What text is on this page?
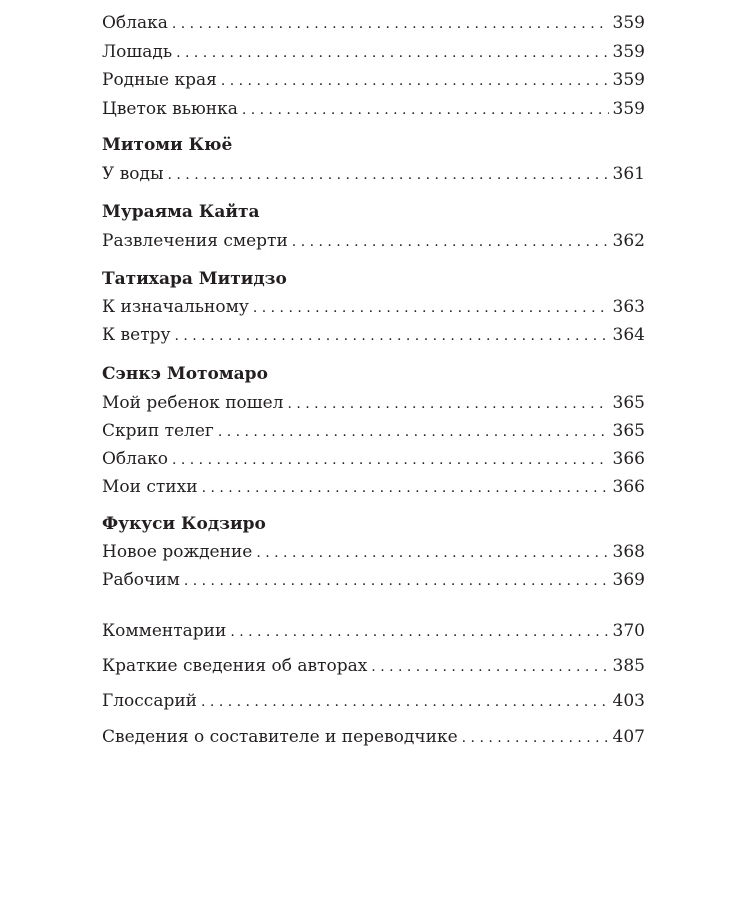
Облака . . .	359
Лошадь . . .	359
Родные края . . .	359
Цветок вьюнка . . .	359
Митоми Кюё
У воды . . .	361
Мураяма Кайта
Развлечения смерти . . .	362
Татихара Митидзо
К изначальному . . .	363
К ветру . . .	364
Сэнкэ Мотомаро
Мой ребенок пошел . . .	365
Скрип телег . . .	365
Облако . . .	366
Мои стихи . . .	366
Фукуси Кодзиро
Новое рождение . . .	368
Рабочим . . .	369
Комментарии . . .	370
Краткие сведения об авторах . . .	385
Глоссарий . . .	403
Сведения о составителе и переводчике . . .	407
